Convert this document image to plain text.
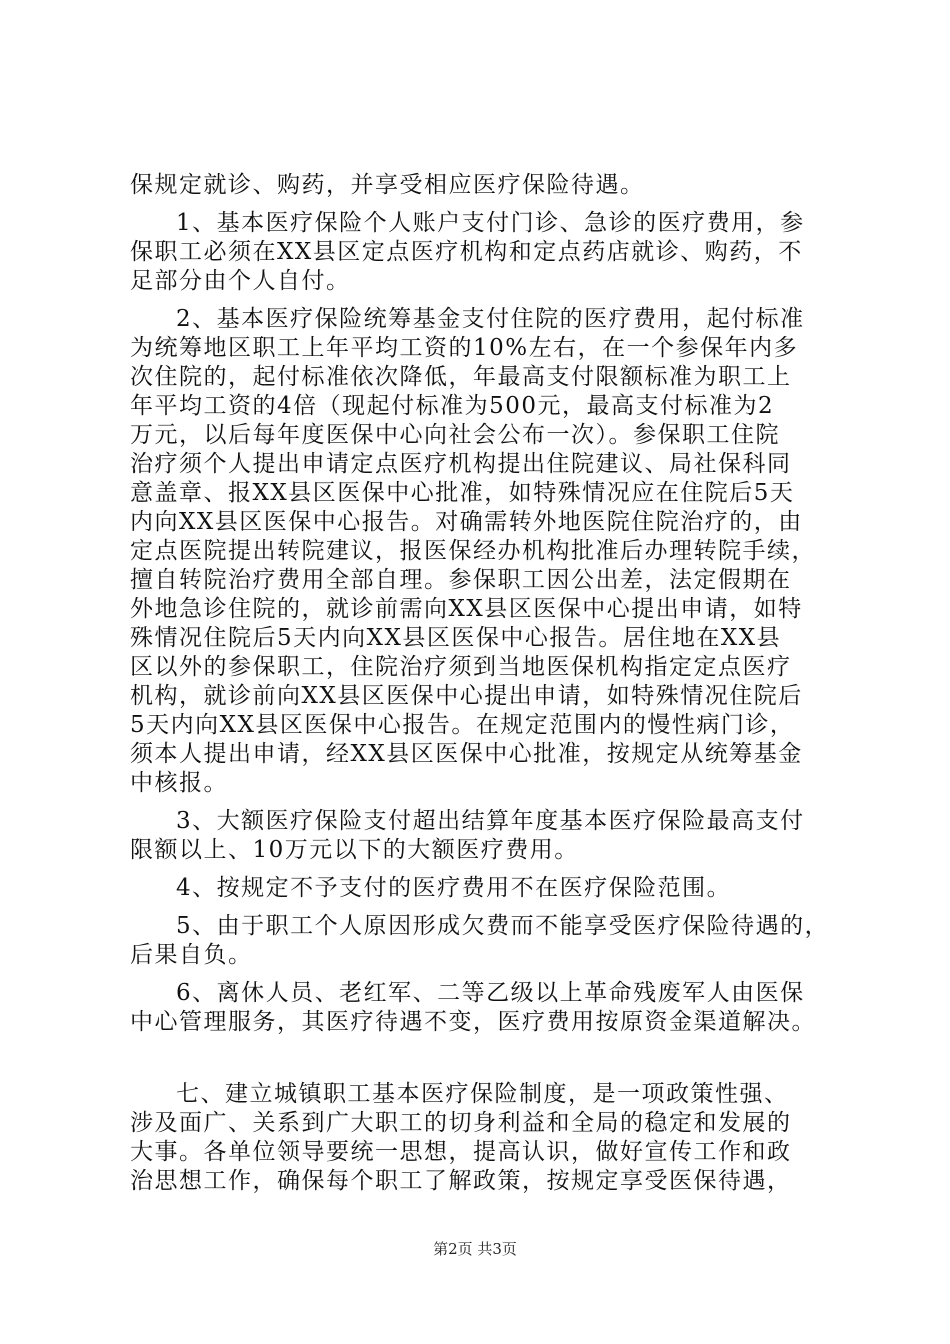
保规定就诊、购药，并享受相应医疗保险待遇。
1、基本医疗保险个人账户支付门诊、急诊的医疗费用，参
保职工必须在XX县区定点医疗机构和定点药店就诊、购药，不
足部分由个人自付。
2、基本医疗保险统筹基金支付住院的医疗费用，起付标准
为统筹地区职工上年平均工资的10%左右，在一个参保年内多
次住院的，起付标准依次降低，年最高支付限额标准为职工上
年平均工资的4倍（现起付标准为500元，最高支付标准为2
万元，以后每年度医保中心向社会公布一次）。参保职工住院
治疗须个人提出申请定点医疗机构提出住院建议、局社保科同
意盖章、报XX县区医保中心批准，如特殊情况应在住院后5天
内向XX县区医保中心报告。对确需转外地医院住院治疗的，由
定点医院提出转院建议，报医保经办机构批准后办理转院手续，
擅自转院治疗费用全部自理。参保职工因公出差，法定假期在
外地急诊住院的，就诊前需向XX县区医保中心提出申请，如特
殊情况住院后5天内向XX县区医保中心报告。居住地在XX县
区以外的参保职工，住院治疗须到当地医保机构指定定点医疗
机构，就诊前向XX县区医保中心提出申请，如特殊情况住院后
5天内向XX县区医保中心报告。在规定范围内的慢性病门诊，
须本人提出申请，经XX县区医保中心批准，按规定从统筹基金
中核报。
3、大额医疗保险支付超出结算年度基本医疗保险最高支付
限额以上、10万元以下的大额医疗费用。
4、按规定不予支付的医疗费用不在医疗保险范围。
5、由于职工个人原因形成欠费而不能享受医疗保险待遇的，
后果自负。
6、离休人员、老红军、二等乙级以上革命残废军人由医保
中心管理服务，其医疗待遇不变，医疗费用按原资金渠道解决。
七、建立城镇职工基本医疗保险制度，是一项政策性强、
涉及面广、关系到广大职工的切身利益和全局的稳定和发展的
大事。各单位领导要统一思想，提高认识，做好宣传工作和政
治思想工作，确保每个职工了解政策，按规定享受医保待遇，
第2页 共3页
